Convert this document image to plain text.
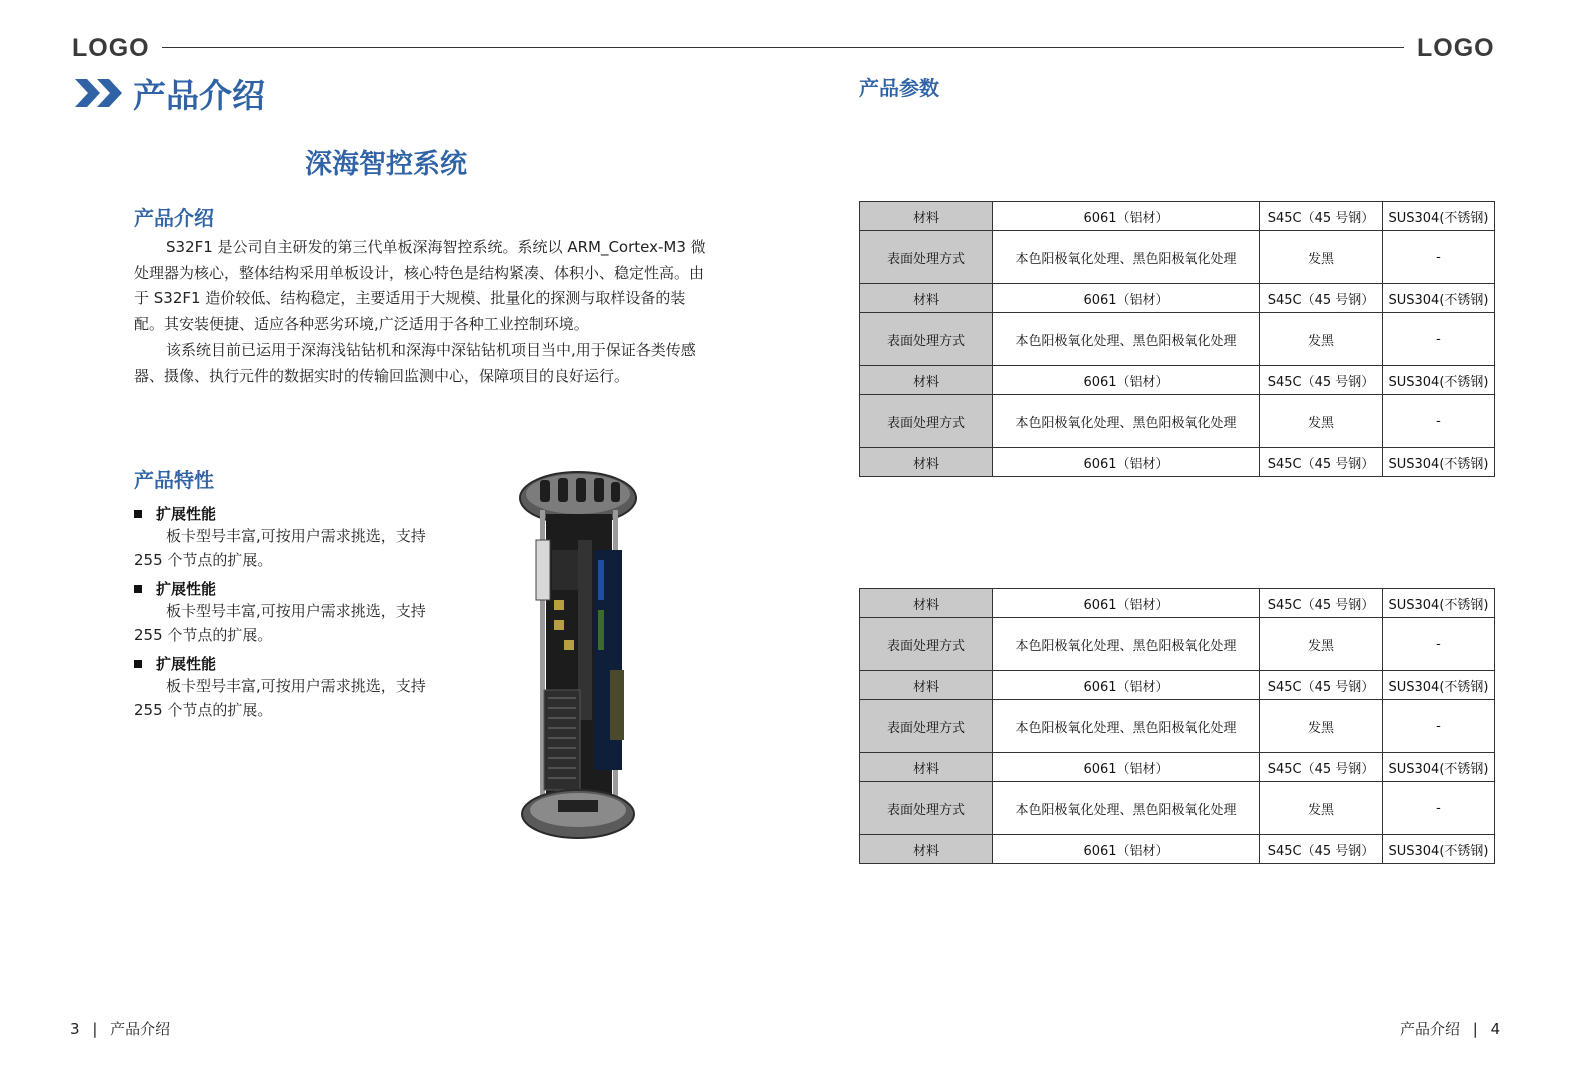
LOGO	LOGO
产品介绍
深海智控系统
产品介绍

S32F1 是公司自主研发的第三代单板深海智控系统。系统以 ARM_Cortex-M3 微处理器为核心，整体结构采用单板设计，核心特色是结构紧凑、体积小、稳定性高。由于 S32F1 造价较低、结构稳定，主要适用于大规模、批量化的探测与取样设备的装配。其安装便捷、适应各种恶劣环境,广泛适用于各种工业控制环境。

该系统目前已运用于深海浅钻钻机和深海中深钻钻机项目当中,用于保证各类传感器、摄像、执行元件的数据实时的传输回监测中心，保障项目的良好运行。

产品特性
扩展性能

板卡型号丰富,可按用户需求挑选，支持 255 个节点的扩展。

扩展性能

板卡型号丰富,可按用户需求挑选，支持 255 个节点的扩展。

扩展性能

板卡型号丰富,可按用户需求挑选，支持 255 个节点的扩展。

产品参数
材料	6061（铝材）	S45C（45 号钢）	SUS304(不锈钢)
表面处理方式	本色阳极氧化处理、黑色阳极氧化处理	发黑	-
材料	6061（铝材）	S45C（45 号钢）	SUS304(不锈钢)
表面处理方式	本色阳极氧化处理、黑色阳极氧化处理	发黑	-
材料	6061（铝材）	S45C（45 号钢）	SUS304(不锈钢)
表面处理方式	本色阳极氧化处理、黑色阳极氧化处理	发黑	-
材料	6061（铝材）	S45C（45 号钢）	SUS304(不锈钢)
材料	6061（铝材）	S45C（45 号钢）	SUS304(不锈钢)
表面处理方式	本色阳极氧化处理、黑色阳极氧化处理	发黑	-
材料	6061（铝材）	S45C（45 号钢）	SUS304(不锈钢)
表面处理方式	本色阳极氧化处理、黑色阳极氧化处理	发黑	-
材料	6061（铝材）	S45C（45 号钢）	SUS304(不锈钢)
表面处理方式	本色阳极氧化处理、黑色阳极氧化处理	发黑	-
材料	6061（铝材）	S45C（45 号钢）	SUS304(不锈钢)
3 | 产品介绍	产品介绍 | 4
